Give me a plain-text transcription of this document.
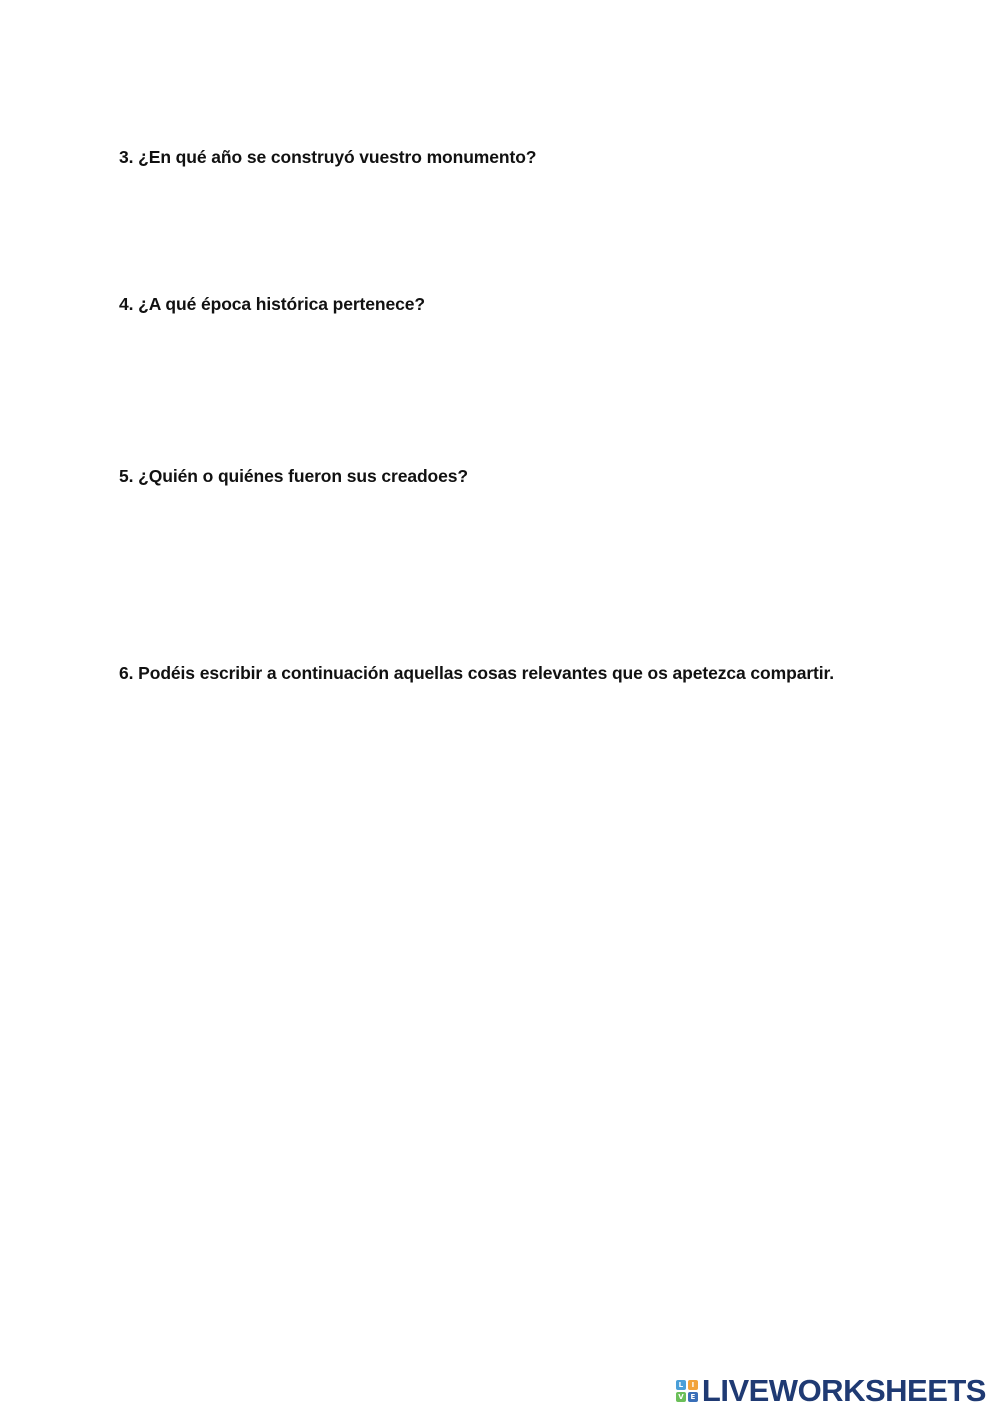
3. ¿En qué año se construyó vuestro monumento?

4. ¿A qué época histórica pertenece?

5. ¿Quién o quiénes fueron sus creadoes?

6. Podéis escribir a continuación aquellas cosas relevantes que os apetezca compartir.

L	I
V E LIVEWORKSHEETS
